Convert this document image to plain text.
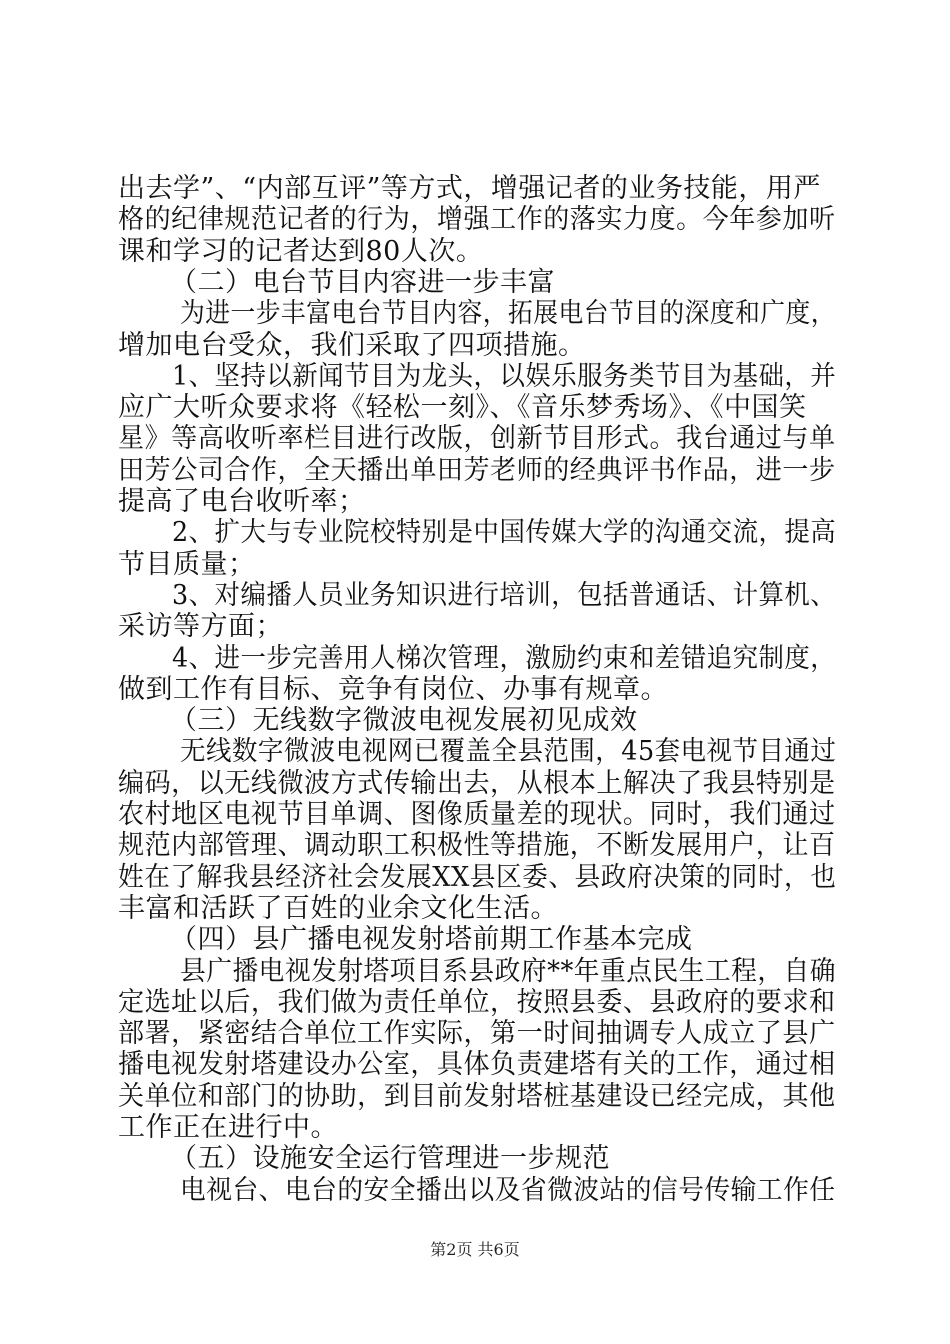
出去学”、“内部互评”等方式，增强记者的业务技能，用严
格的纪律规范记者的行为，增强工作的落实力度。今年参加听
课和学习的记者达到80人次。
（二）电台节目内容进一步丰富
为进一步丰富电台节目内容，拓展电台节目的深度和广度，
增加电台受众，我们采取了四项措施。
1、坚持以新闻节目为龙头，以娱乐服务类节目为基础，并
应广大听众要求将《轻松一刻》、《音乐梦秀场》、《中国笑
星》等高收听率栏目进行改版，创新节目形式。我台通过与单
田芳公司合作，全天播出单田芳老师的经典评书作品，进一步
提高了电台收听率；
2、扩大与专业院校特别是中国传媒大学的沟通交流，提高
节目质量；
3、对编播人员业务知识进行培训，包括普通话、计算机、
采访等方面；
4、进一步完善用人梯次管理，激励约束和差错追究制度，
做到工作有目标、竞争有岗位、办事有规章。
（三）无线数字微波电视发展初见成效
无线数字微波电视网已覆盖全县范围，45套电视节目通过
编码，以无线微波方式传输出去，从根本上解决了我县特别是
农村地区电视节目单调、图像质量差的现状。同时，我们通过
规范内部管理、调动职工积极性等措施，不断发展用户，让百
姓在了解我县经济社会发展XX县区委、县政府决策的同时，也
丰富和活跃了百姓的业余文化生活。
（四）县广播电视发射塔前期工作基本完成
县广播电视发射塔项目系县政府**年重点民生工程，自确
定选址以后，我们做为责任单位，按照县委、县政府的要求和
部署，紧密结合单位工作实际，第一时间抽调专人成立了县广
播电视发射塔建设办公室，具体负责建塔有关的工作，通过相
关单位和部门的协助，到目前发射塔桩基建设已经完成，其他
工作正在进行中。
（五）设施安全运行管理进一步规范
电视台、电台的安全播出以及省微波站的信号传输工作任
第2页 共6页
